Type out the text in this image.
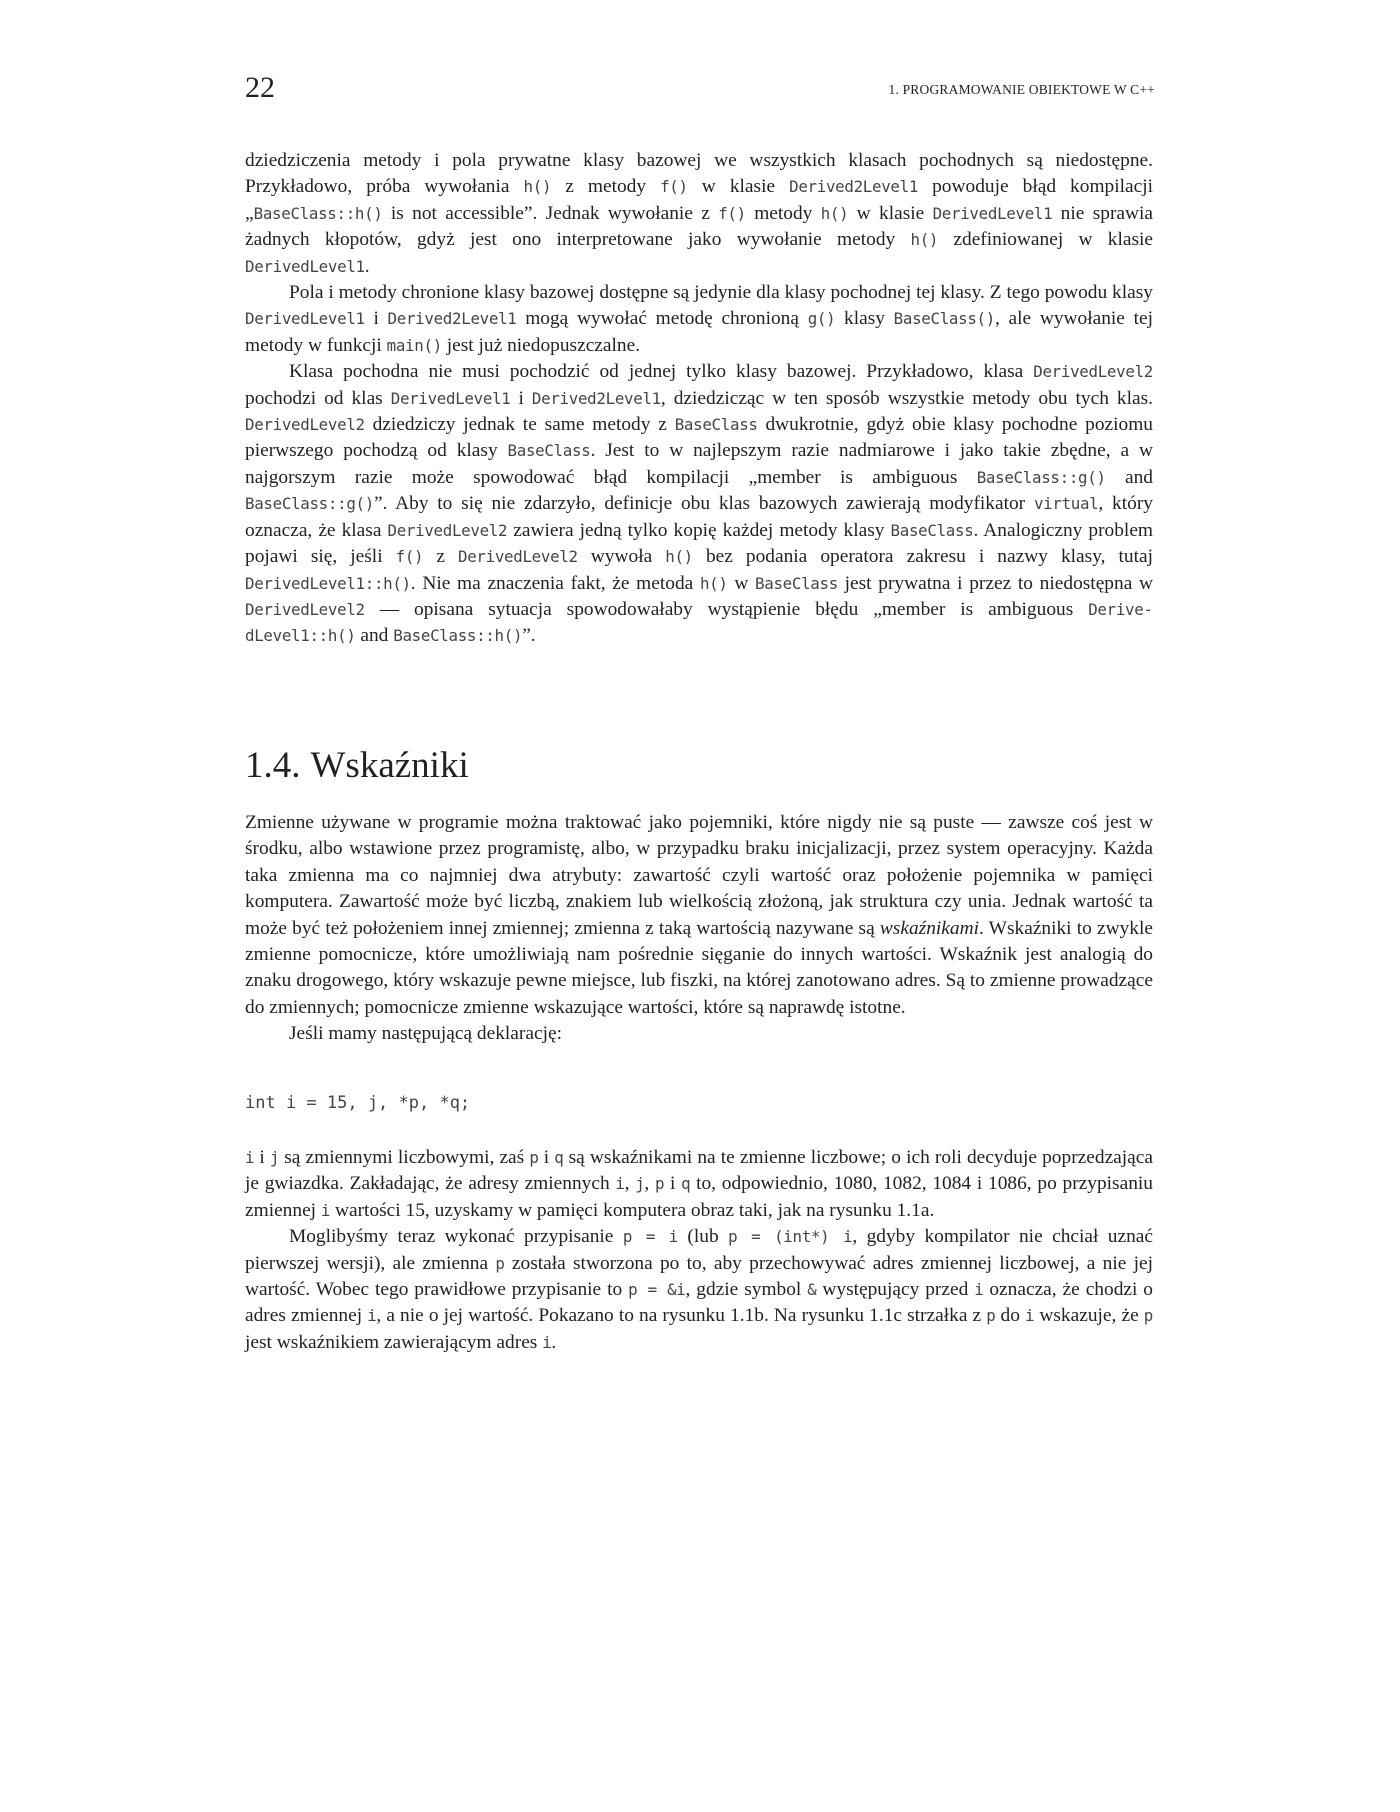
22	1. PROGRAMOWANIE OBIEKTOWE W C++

dziedziczenia metody i pola prywatne klasy bazowej we wszystkich klasach pochodnych są niedostępne. Przykładowo, próba wywołania h() z metody f() w klasie Derived2Level1 powoduje błąd kompilacji „BaseClass::h() is not accessible”. Jednak wywołanie z f() metody h() w klasie DerivedLevel1 nie sprawia żadnych kłopotów, gdyż jest ono interpretowane jako wywołanie metody h() zdefiniowanej w klasie DerivedLevel1.

Pola i metody chronione klasy bazowej dostępne są jedynie dla klasy pochodnej tej klasy. Z tego powodu klasy DerivedLevel1 i Derived2Level1 mogą wywołać metodę chronioną g() klasy BaseClass(), ale wywołanie tej metody w funkcji main() jest już niedopuszczalne.

Klasa pochodna nie musi pochodzić od jednej tylko klasy bazowej. Przykładowo, klasa DerivedLevel2 pochodzi od klas DerivedLevel1 i Derived2Level1, dziedzicząc w ten sposób wszystkie metody obu tych klas. DerivedLevel2 dziedziczy jednak te same metody z BaseClass dwukrotnie, gdyż obie klasy pochodne poziomu pierwszego pochodzą od klasy BaseClass. Jest to w najlepszym razie nadmiarowe i jako takie zbędne, a w najgorszym razie może spowodować błąd kompilacji „member is ambiguous BaseClass::g() and BaseClass::g()”. Aby to się nie zdarzyło, definicje obu klas bazowych zawierają modyfikator virtual, który oznacza, że klasa DerivedLevel2 zawiera jedną tylko kopię każdej metody klasy BaseClass. Analogiczny problem pojawi się, jeśli f() z DerivedLevel2 wywoła h() bez podania operatora zakresu i nazwy klasy, tutaj DerivedLevel1::h(). Nie ma znaczenia fakt, że metoda h() w BaseClass jest prywatna i przez to niedostępna w DerivedLevel2 — opisana sytuacja spowodowałaby wystąpienie błędu „member is ambiguous DerivedLevel1::h() and BaseClass::h()”.

1.4. Wskaźniki

Zmienne używane w programie można traktować jako pojemniki, które nigdy nie są puste — zawsze coś jest w środku, albo wstawione przez programistę, albo, w przypadku braku inicjalizacji, przez system operacyjny. Każda taka zmienna ma co najmniej dwa atrybuty: zawartość czyli wartość oraz położenie pojemnika w pamięci komputera. Zawartość może być liczbą, znakiem lub wielkością złożoną, jak struktura czy unia. Jednak wartość ta może być też położeniem innej zmiennej; zmienna z taką wartością nazywane są wskaźnikami. Wskaźniki to zwykle zmienne pomocnicze, które umożliwiają nam pośrednie sięganie do innych wartości. Wskaźnik jest analogią do znaku drogowego, który wskazuje pewne miejsce, lub fiszki, na której zanotowano adres. Są to zmienne prowadzące do zmiennych; pomocnicze zmienne wskazujące wartości, które są naprawdę istotne.

Jeśli mamy następującą deklarację:

int i = 15, j, *p, *q;

i i j są zmiennymi liczbowymi, zaś p i q są wskaźnikami na te zmienne liczbowe; o ich roli decyduje poprzedzająca je gwiazdka. Zakładając, że adresy zmiennych i, j, p i q to, odpowiednio, 1080, 1082, 1084 i 1086, po przypisaniu zmiennej i wartości 15, uzyskamy w pamięci komputera obraz taki, jak na rysunku 1.1a.

Moglibyśmy teraz wykonać przypisanie p = i (lub p = (int*) i, gdyby kompilator nie chciał uznać pierwszej wersji), ale zmienna p została stworzona po to, aby przechowywać adres zmiennej liczbowej, a nie jej wartość. Wobec tego prawidłowe przypisanie to p = &i, gdzie symbol & występujący przed i oznacza, że chodzi o adres zmiennej i, a nie o jej wartość. Pokazano to na rysunku 1.1b. Na rysunku 1.1c strzałka z p do i wskazuje, że p jest wskaźnikiem zawierającym adres i.
